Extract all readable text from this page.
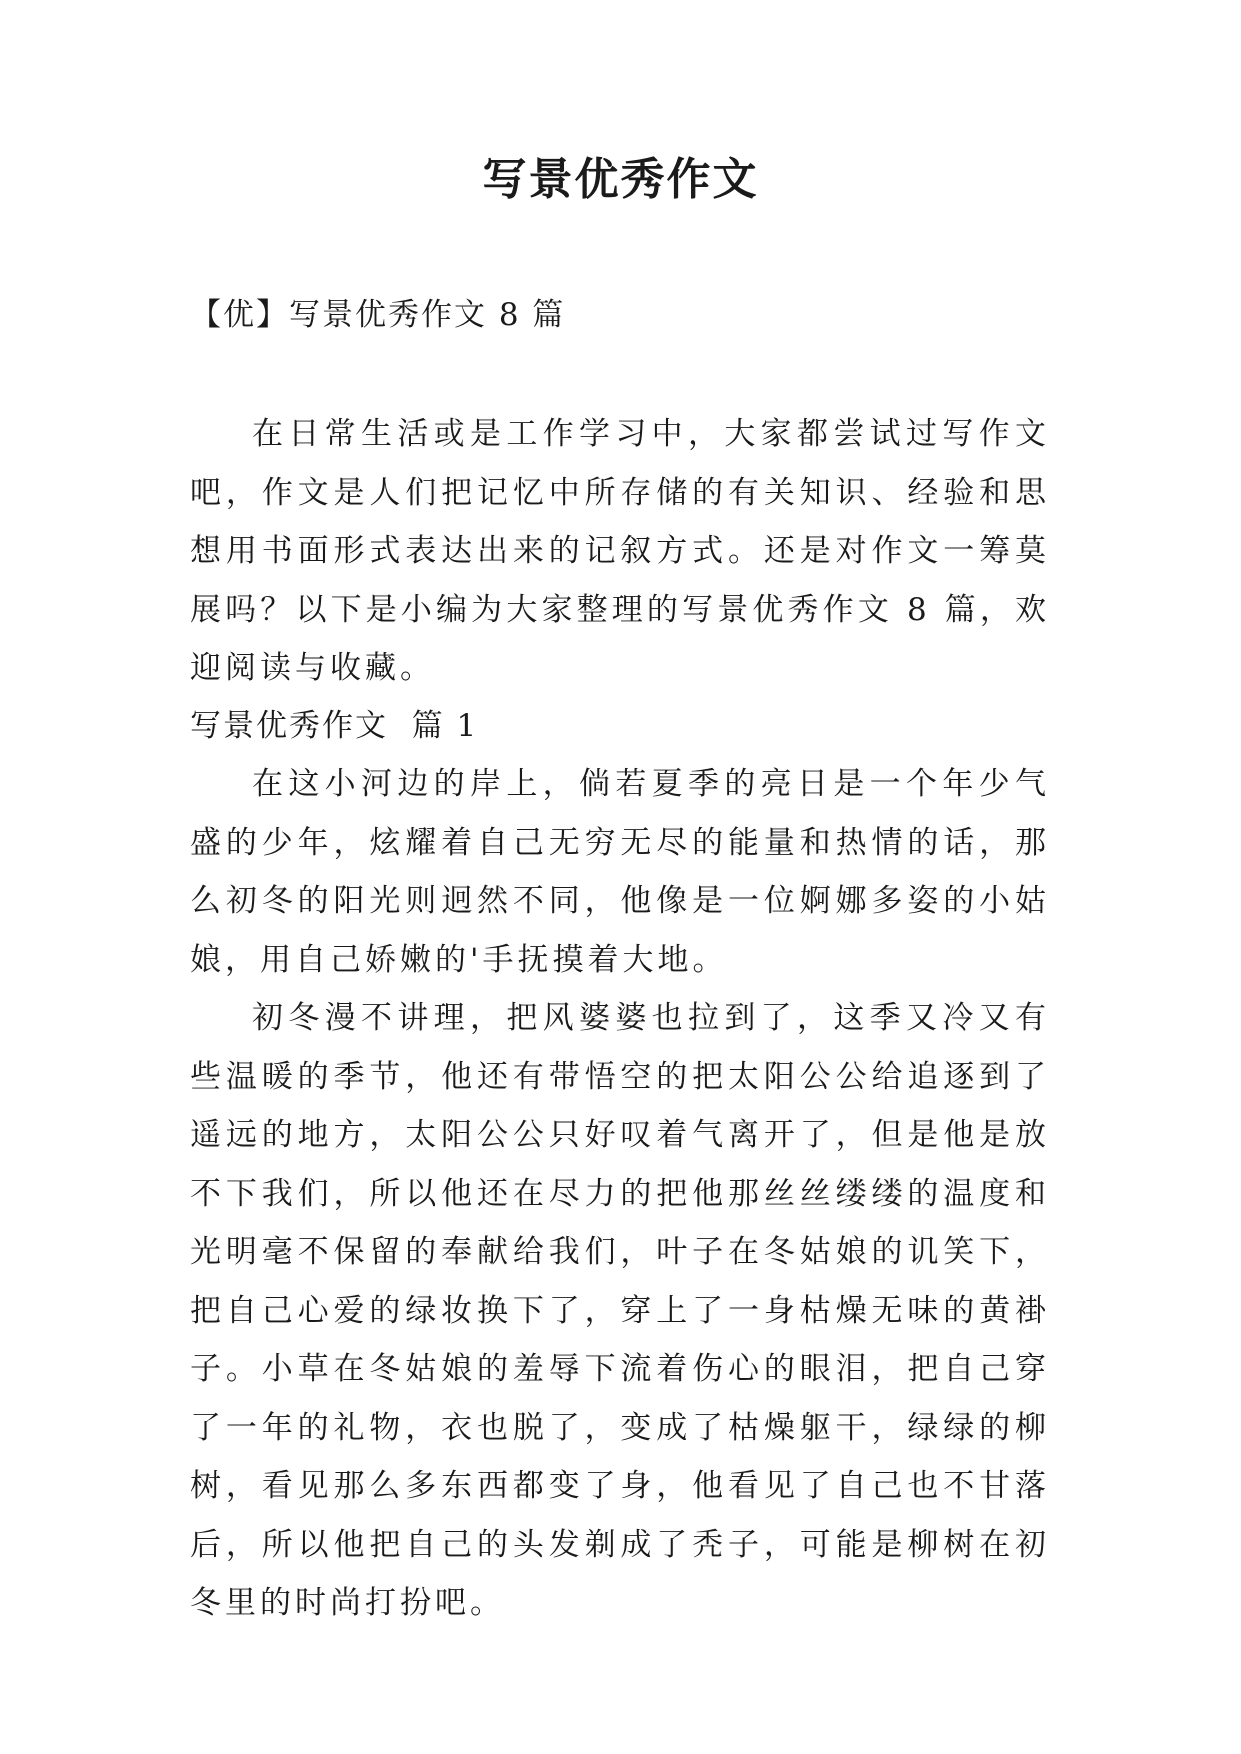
写景优秀作文
【优】写景优秀作文 8 篇

在日常生活或是工作学习中，大家都尝试过写作文吧，作文是人们把记忆中所存储的有关知识、经验和思想用书面形式表达出来的记叙方式。还是对作文一筹莫展吗？以下是小编为大家整理的写景优秀作文 8 篇，欢迎阅读与收藏。

写景优秀作文  篇 1

在这小河边的岸上，倘若夏季的亮日是一个年少气盛的少年，炫耀着自己无穷无尽的能量和热情的话，那么初冬的阳光则迥然不同，他像是一位婀娜多姿的小姑娘，用自己娇嫩的'手抚摸着大地。

初冬漫不讲理，把风婆婆也拉到了，这季又冷又有些温暖的季节，他还有带悟空的把太阳公公给追逐到了遥远的地方，太阳公公只好叹着气离开了，但是他是放不下我们，所以他还在尽力的把他那丝丝缕缕的温度和光明毫不保留的奉献给我们，叶子在冬姑娘的讥笑下，把自己心爱的绿妆换下了，穿上了一身枯燥无味的黄褂子。小草在冬姑娘的羞辱下流着伤心的眼泪，把自己穿了一年的礼物，衣也脱了，变成了枯燥躯干，绿绿的柳树，看见那么多东西都变了身，他看见了自己也不甘落后，所以他把自己的头发剃成了秃子，可能是柳树在初冬里的时尚打扮吧。
